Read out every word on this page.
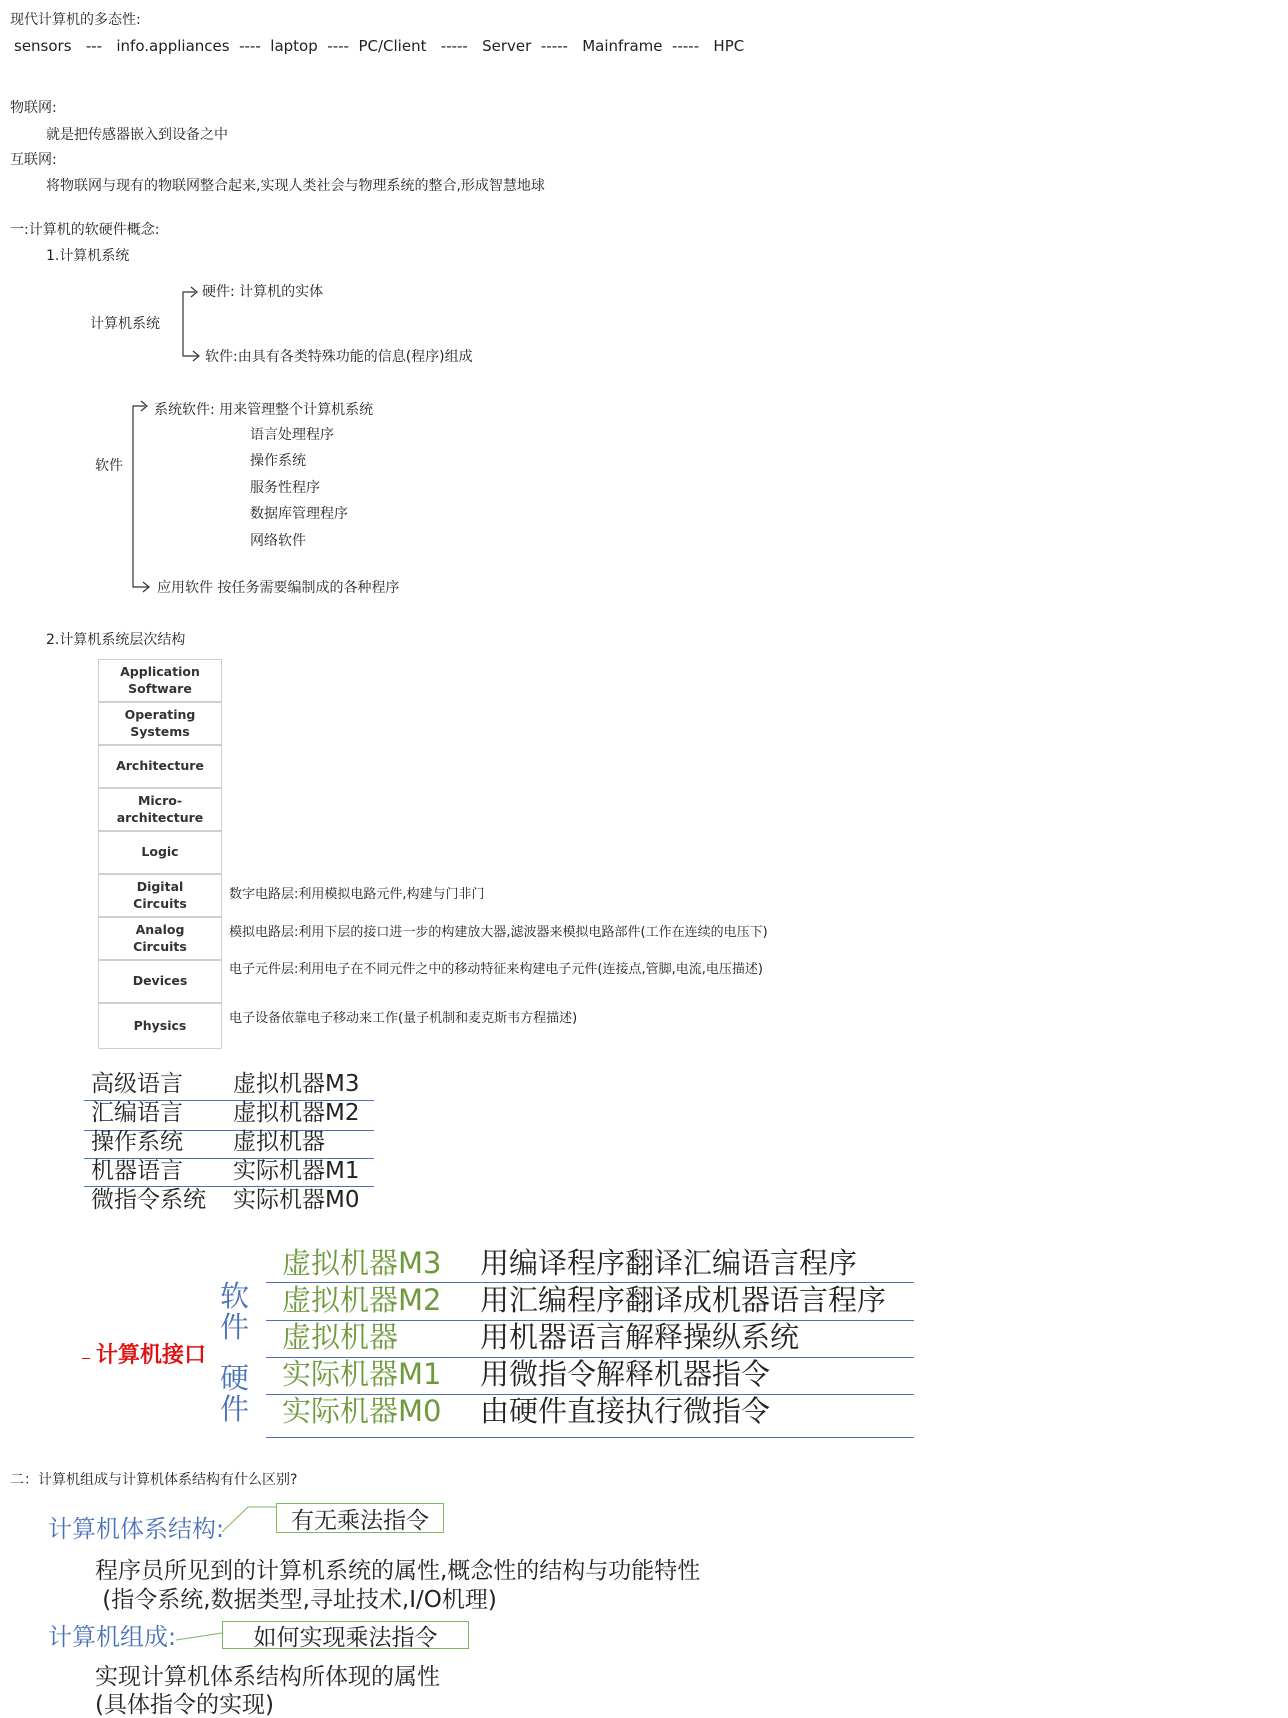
现代计算机的多态性:
sensors   ---   info.appliances  ----  laptop  ----  PC/Client   -----   Server  -----   Mainframe  -----   HPC
物联网:
就是把传感器嵌入到设备之中
互联网:
将物联网与现有的物联网整合起来,实现人类社会与物理系统的整合,形成智慧地球
一:计算机的软硬件概念:
1.计算机系统
计算机系统
硬件: 计算机的实体
软件:由具有各类特殊功能的信息(程序)组成
软件
系统软件: 用来管理整个计算机系统
语言处理程序
操作系统
服务性程序
数据库管理程序
网络软件
应用软件 按任务需要编制成的各种程序
2.计算机系统层次结构
Application Software
Operating Systems
Architecture
Micro-architecture
Logic
Digital Circuits
Analog Circuits
Devices
Physics
数字电路层:利用模拟电路元件,构建与门非门
模拟电路层:利用下层的接口进一步的构建放大器,滤波器来模拟电路部件(工作在连续的电压下)
电子元件层:利用电子在不同元件之中的移动特征来构建电子元件(连接点,管脚,电流,电压描述)
电子设备依靠电子移动来工作(量子机制和麦克斯韦方程描述)
高级语言 虚拟机器M3
汇编语言 虚拟机器M2
操作系统 虚拟机器
机器语言 实际机器M1
微指令系统 实际机器M0
计算机接口
软
件
硬
件
虚拟机器M3 用编译程序翻译汇编语言程序
虚拟机器M2 用汇编程序翻译成机器语言程序
虚拟机器	用机器语言解释操纵系统
实际机器M1 用微指令解释机器指令
实际机器M0 由硬件直接执行微指令
二：计算机组成与计算机体系结构有什么区别?
计算机体系结构:	有无乘法指令
程序员所见到的计算机系统的属性,概念性的结构与功能特性
(指令系统,数据类型,寻址技术,I/O机理)
计算机组成:	如何实现乘法指令
实现计算机体系结构所体现的属性
(具体指令的实现)
